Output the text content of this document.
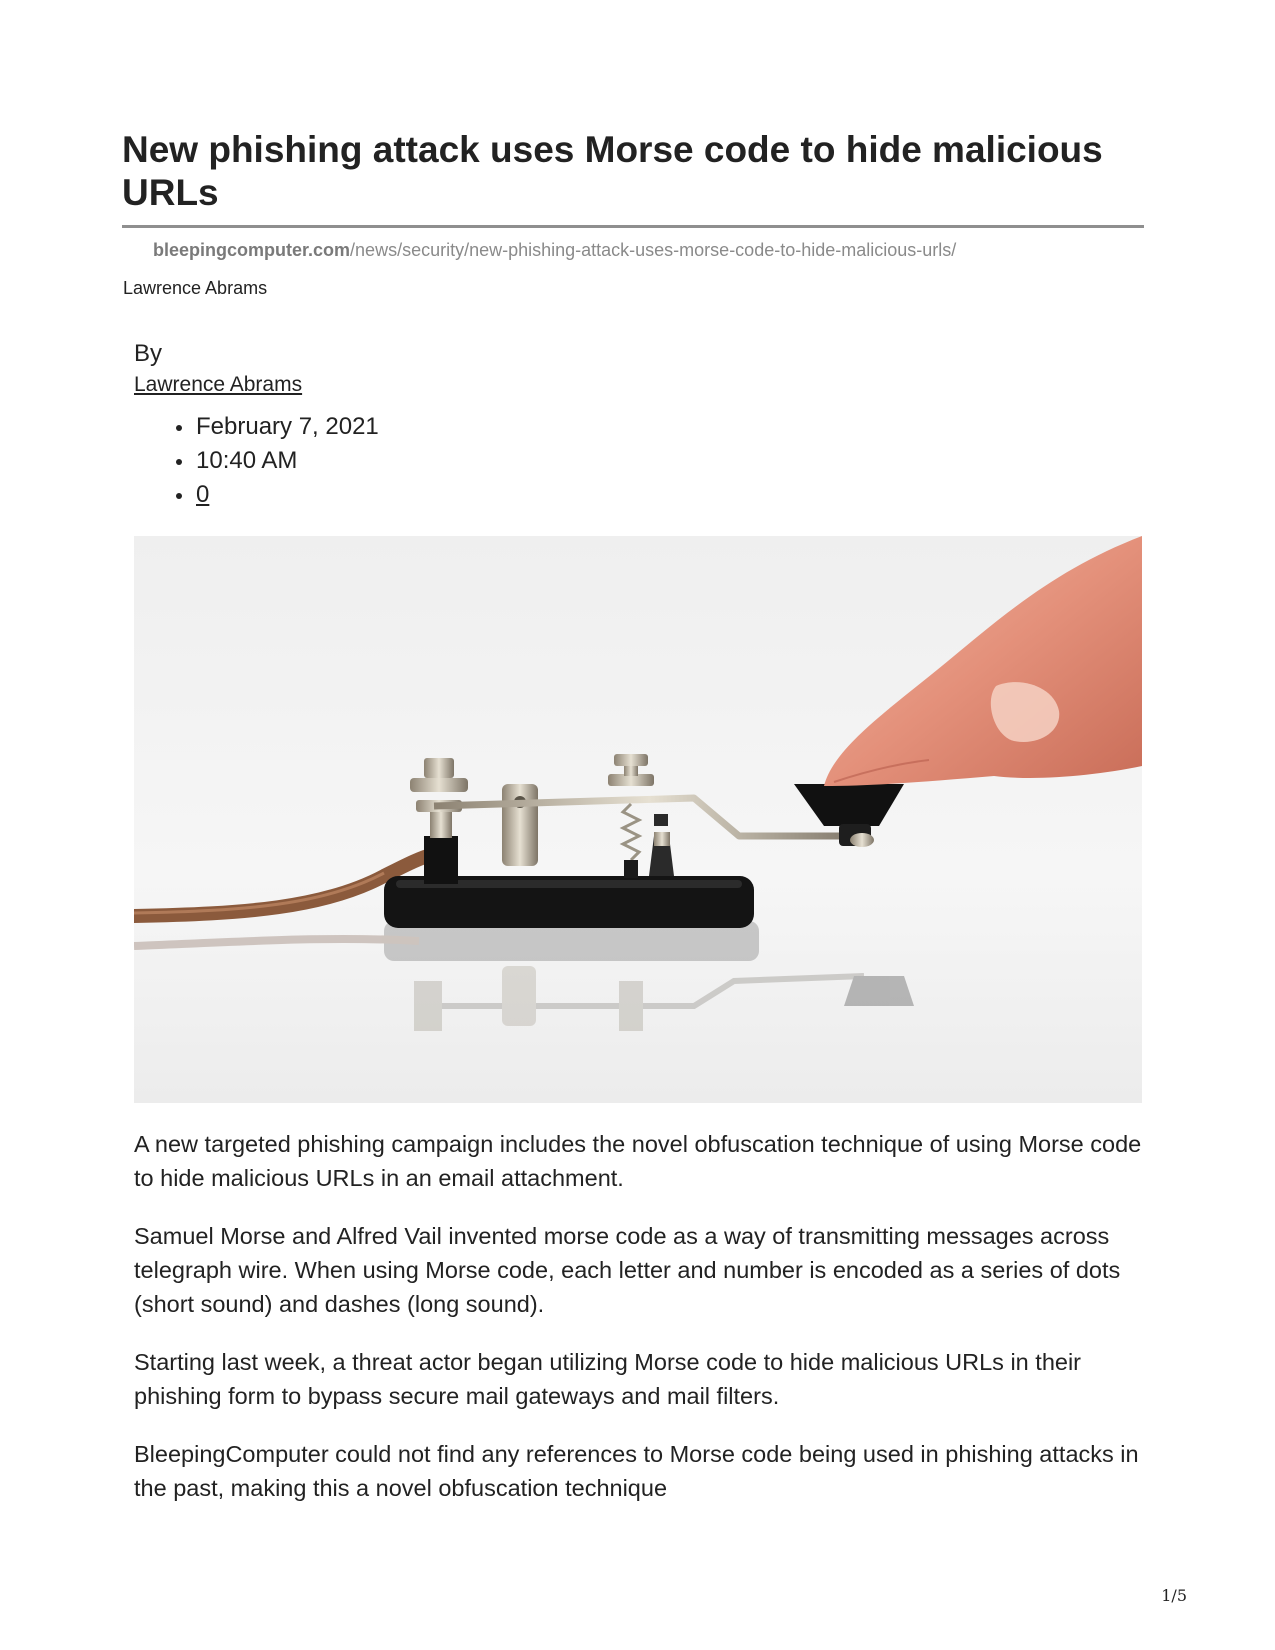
New phishing attack uses Morse code to hide malicious URLs
bleepingcomputer.com/news/security/new-phishing-attack-uses-morse-code-to-hide-malicious-urls/
Lawrence Abrams
By
Lawrence Abrams
February 7, 2021
10:40 AM
0

A new targeted phishing campaign includes the novel obfuscation technique of using Morse code to hide malicious URLs in an email attachment.

Samuel Morse and Alfred Vail invented morse code as a way of transmitting messages across telegraph wire. When using Morse code, each letter and number is encoded as a series of dots (short sound) and dashes (long sound).

Starting last week, a threat actor began utilizing Morse code to hide malicious URLs in their phishing form to bypass secure mail gateways and mail filters.

BleepingComputer could not find any references to Morse code being used in phishing attacks in the past, making this a novel obfuscation technique

1/5
